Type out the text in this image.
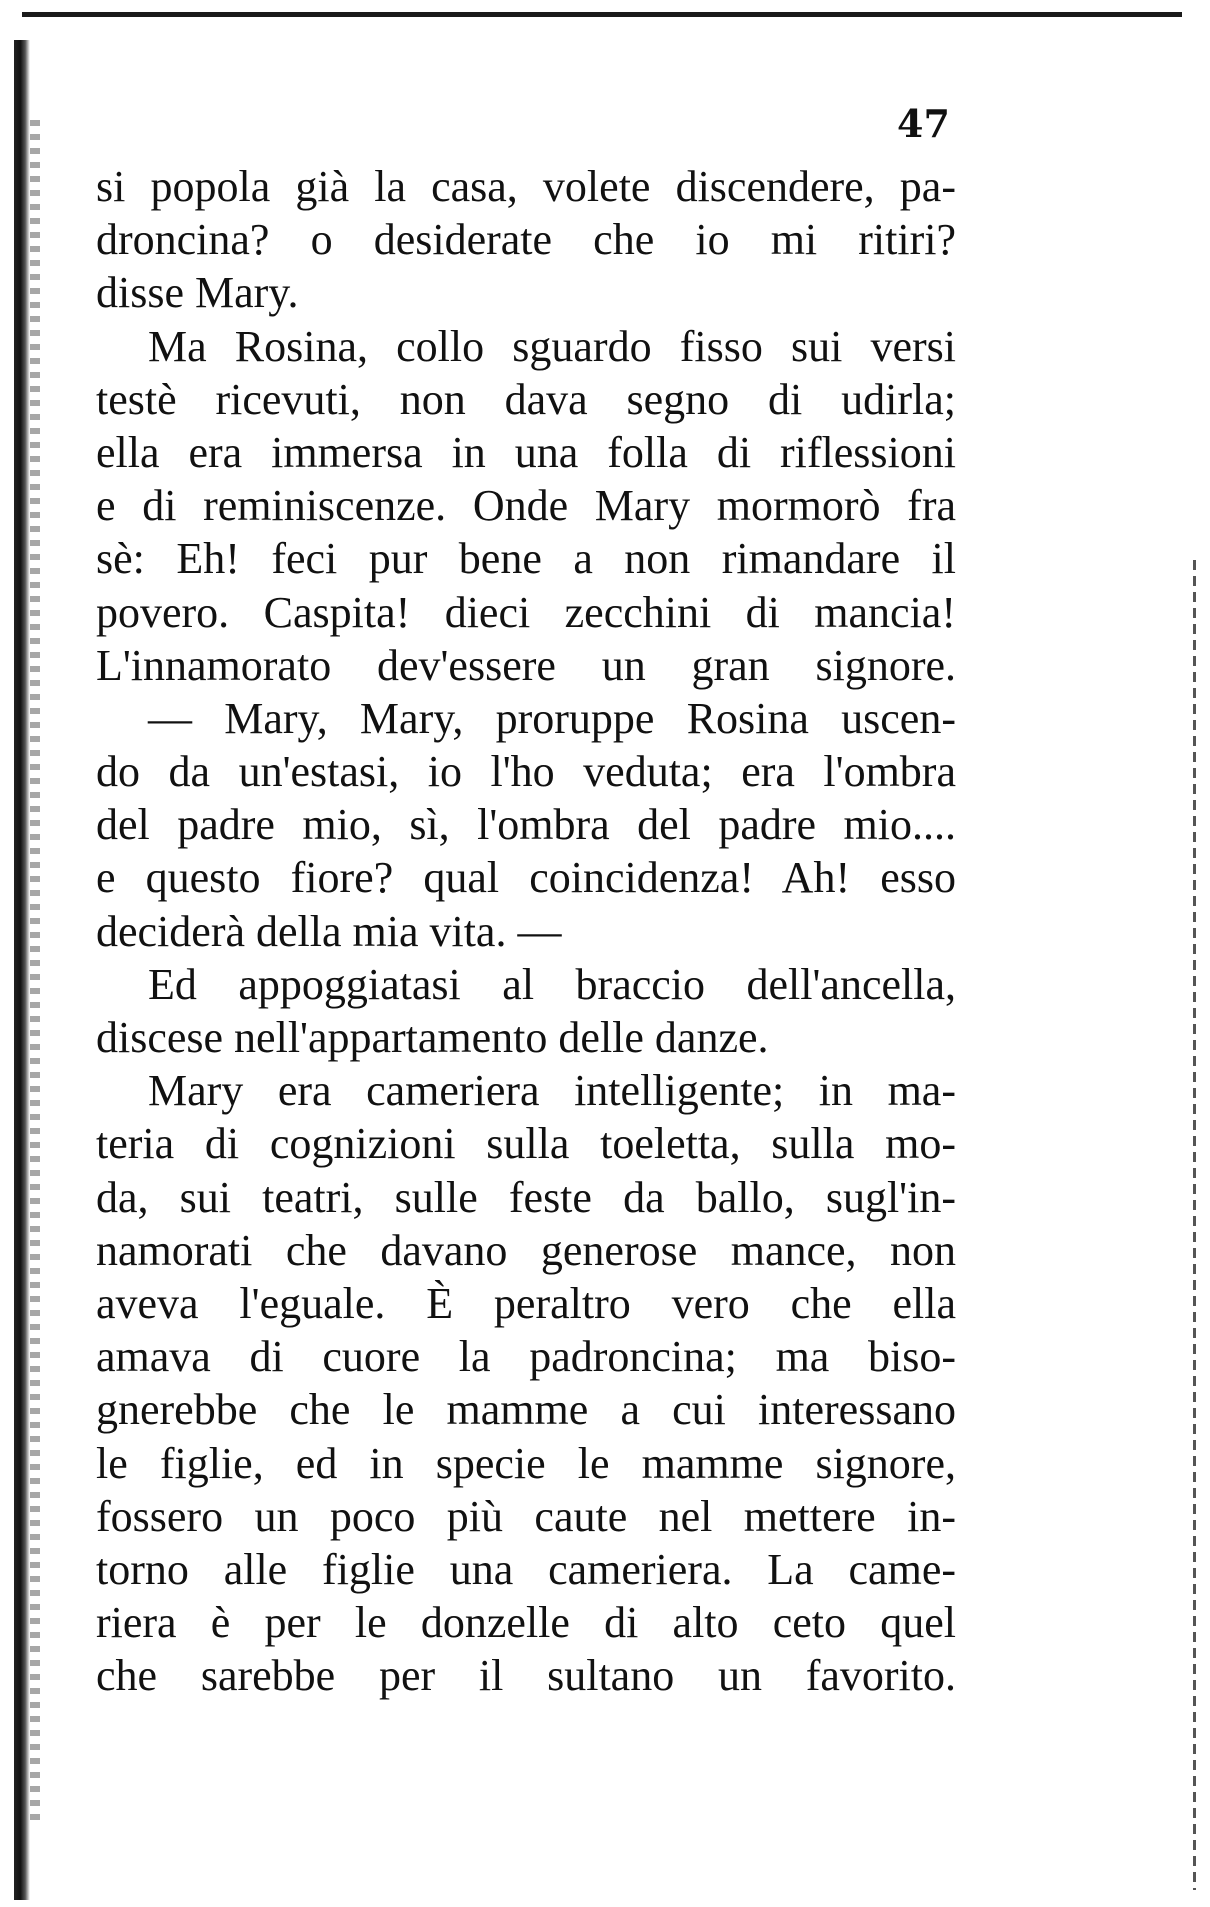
47

si popola già la casa, volete discendere, pa-
droncina? o desiderate che io mi ritiri?
disse Mary.
Ma Rosina, collo sguardo fisso sui versi
testè ricevuti, non dava segno di udirla;
ella era immersa in una folla di riflessioni
e di reminiscenze. Onde Mary mormorò fra
sè: Eh! feci pur bene a non rimandare il
povero. Caspita! dieci zecchini di mancia!
L'innamorato dev'essere un gran signore.
— Mary, Mary, proruppe Rosina uscen-
do da un'estasi, io l'ho veduta; era l'ombra
del padre mio, sì, l'ombra del padre mio....
e questo fiore? qual coincidenza! Ah! esso
deciderà della mia vita. —
Ed appoggiatasi al braccio dell'ancella,
discese nell'appartamento delle danze.
Mary era cameriera intelligente; in ma-
teria di cognizioni sulla toeletta, sulla mo-
da, sui teatri, sulle feste da ballo, sugl'in-
namorati che davano generose mance, non
aveva l'eguale. È peraltro vero che ella
amava di cuore la padroncina; ma biso-
gnerebbe che le mamme a cui interessano
le figlie, ed in specie le mamme signore,
fossero un poco più caute nel mettere in-
torno alle figlie una cameriera. La came-
riera è per le donzelle di alto ceto quel
che sarebbe per il sultano un favorito.
